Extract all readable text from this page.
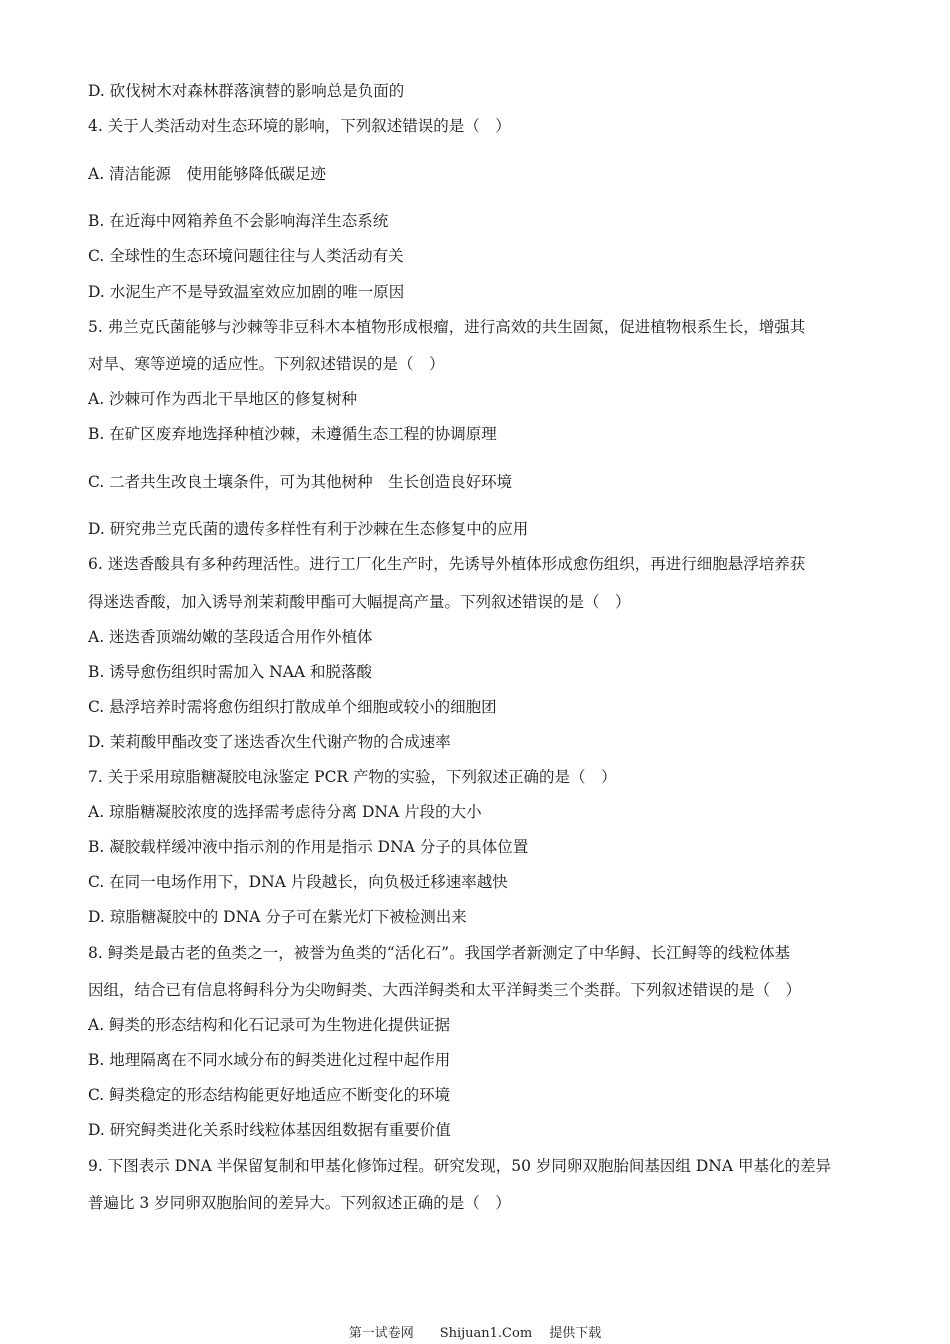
D. 砍伐树木对森林群落演替的影响总是负面的
4. 关于人类活动对生态环境的影响，下列叙述错误的是（　）
A. 清洁能源　使用能够降低碳足迹
B. 在近海中网箱养鱼不会影响海洋生态系统
C. 全球性的生态环境问题往往与人类活动有关
D. 水泥生产不是导致温室效应加剧的唯一原因
5. 弗兰克氏菌能够与沙棘等非豆科木本植物形成根瘤，进行高效的共生固氮，促进植物根系生长，增强其
对旱、寒等逆境的适应性。下列叙述错误的是（　）
A. 沙棘可作为西北干旱地区的修复树种
B. 在矿区废弃地选择种植沙棘，未遵循生态工程的协调原理
C. 二者共生改良土壤条件，可为其他树种　生长创造良好环境
D. 研究弗兰克氏菌的遗传多样性有利于沙棘在生态修复中的应用
6. 迷迭香酸具有多种药理活性。进行工厂化生产时，先诱导外植体形成愈伤组织，再进行细胞悬浮培养获
得迷迭香酸，加入诱导剂茉莉酸甲酯可大幅提高产量。下列叙述错误的是（　）
A. 迷迭香顶端幼嫩的茎段适合用作外植体
B. 诱导愈伤组织时需加入 NAA 和脱落酸
C. 悬浮培养时需将愈伤组织打散成单个细胞或较小的细胞团
D. 茉莉酸甲酯改变了迷迭香次生代谢产物的合成速率
7. 关于采用琼脂糖凝胶电泳鉴定 PCR 产物的实验，下列叙述正确的是（　）
A. 琼脂糖凝胶浓度的选择需考虑待分离 DNA 片段的大小
B. 凝胶载样缓冲液中指示剂的作用是指示 DNA 分子的具体位置
C. 在同一电场作用下，DNA 片段越长，向负极迁移速率越快
D. 琼脂糖凝胶中的 DNA 分子可在紫光灯下被检测出来
8. 鲟类是最古老的鱼类之一，被誉为鱼类的“活化石”。我国学者新测定了中华鲟、长江鲟等的线粒体基
因组，结合已有信息将鲟科分为尖吻鲟类、大西洋鲟类和太平洋鲟类三个类群。下列叙述错误的是（　）
A. 鲟类的形态结构和化石记录可为生物进化提供证据
B. 地理隔离在不同水域分布的鲟类进化过程中起作用
C. 鲟类稳定的形态结构能更好地适应不断变化的环境
D. 研究鲟类进化关系时线粒体基因组数据有重要价值
9. 下图表示 DNA 半保留复制和甲基化修饰过程。研究发现，50 岁同卵双胞胎间基因组 DNA 甲基化的差异
普遍比 3 岁同卵双胞胎间的差异大。下列叙述正确的是（　）
第一试卷网　　Shijuan1.Com　 提供下载
